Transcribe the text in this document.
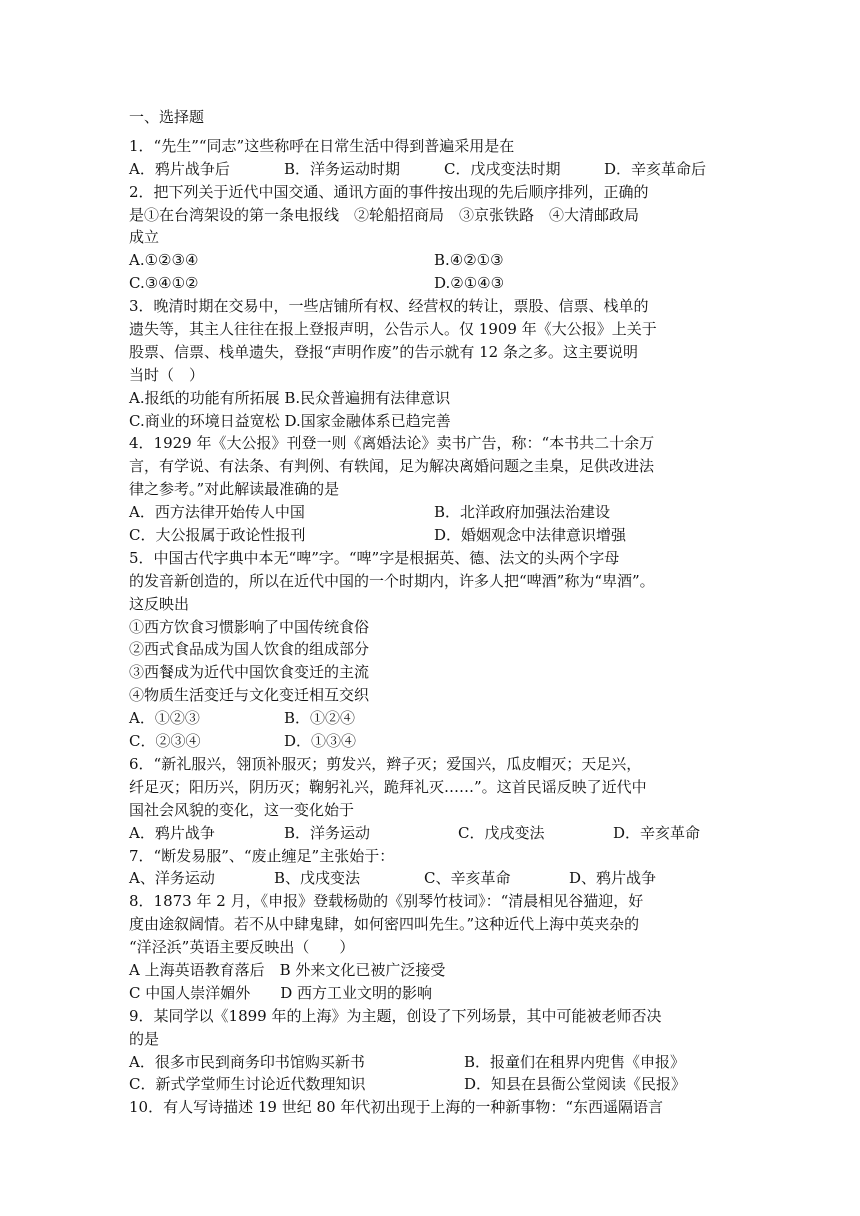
一、选择题
1．“先生”“同志”这些称呼在日常生活中得到普遍采用是在
A．鸦片战争后	B．洋务运动时期	C．戊戌变法时期	D．辛亥革命后
2．把下列关于近代中国交通、通讯方面的事件按出现的先后顺序排列，正确的
是①在台湾架设的第一条电报线　②轮船招商局　③京张铁路　④大清邮政局
成立
A.①②③④	B.④②①③
C.③④①②	D.②①④③
3．晚清时期在交易中，一些店铺所有权、经营权的转让，票股、信票、栈单的
遗失等，其主人往往在报上登报声明，公告示人。仅 1909 年《大公报》上关于
股票、信票、栈单遗失，登报“声明作废”的告示就有 12 条之多。这主要说明
当时（　）
A.报纸的功能有所拓展 B.民众普遍拥有法律意识
C.商业的环境日益宽松 D.国家金融体系已趋完善
4．1929 年《大公报》刊登一则《离婚法论》卖书广告，称：“本书共二十余万
言，有学说、有法条、有判例、有轶闻，足为解决离婚问题之圭臬，足供改进法
律之参考。”对此解读最准确的是
A．西方法律开始传人中国	B．北洋政府加强法治建设
C．大公报属于政论性报刊	D．婚姻观念中法律意识增强
5．中国古代字典中本无“啤”字。“啤”字是根据英、德、法文的头两个字母
的发音新创造的，所以在近代中国的一个时期内，许多人把“啤酒”称为“卑酒”。
这反映出
①西方饮食习惯影响了中国传统食俗
②西式食品成为国人饮食的组成部分
③西餐成为近代中国饮食变迁的主流
④物质生活变迁与文化变迁相互交织
A．①②③	B．①②④
C．②③④	D．①③④
6．“新礼服兴，翎顶补服灭；剪发兴，辫子灭；爱国兴，瓜皮帽灭；天足兴，
纤足灭；阳历兴，阴历灭；鞠躬礼兴，跪拜礼灭……”。这首民谣反映了近代中
国社会风貌的变化，这一变化始于
A．鸦片战争	B．洋务运动	C．戊戌变法	D．辛亥革命
7．“断发易服”、“废止缠足”主张始于：
A、洋务运动	B、戊戌变法	C、辛亥革命	D、鸦片战争
8．1873 年 2 月，《申报》登载杨勋的《别琴竹枝词》：“清晨相见谷猫迎，好
度由途叙阔情。若不从中肆鬼肆，如何密四叫先生。”这种近代上海中英夹杂的
“洋泾浜”英语主要反映出（　　）
A 上海英语教育落后　B 外来文化已被广泛接受
C 中国人崇洋媚外　　D 西方工业文明的影响
9．某同学以《1899 年的上海》为主题，创设了下列场景，其中可能被老师否决
的是
A．很多市民到商务印书馆购买新书	B．报童们在租界内兜售《申报》
C．新式学堂师生讨论近代数理知识	D．知县在县衙公堂阅读《民报》
10．有人写诗描述 19 世纪 80 年代初出现于上海的一种新事物：“东西遥隔语言
